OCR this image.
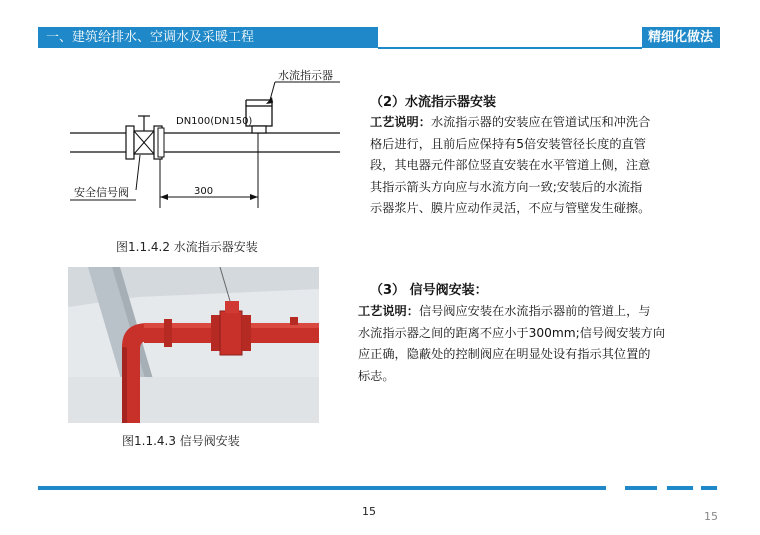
一、建筑给排水、空调水及采暖工程	精细化做法
水流指示器
DN100(DN150)
300
安全信号阀
图1.1.4.2 水流指示器安装
图1.1.4.3 信号阀安装
（2）水流指示器安装

工艺说明：水流指示器的安装应在管道试压和冲洗合

格后进行，且前后应保持有5倍安装管径长度的直管

段，其电器元件部位竖直安装在水平管道上侧，注意

其指示箭头方向应与水流方向一致;安装后的水流指

示器浆片、膜片应动作灵活，不应与管壁发生碰擦。

（3） 信号阀安装：

工艺说明：信号阀应安装在水流指示器前的管道上，与

水流指示器之间的距离不应小于300mm;信号阀安装方向

应正确，隐蔽处的控制阀应在明显处设有指示其位置的

标志。

15	15
